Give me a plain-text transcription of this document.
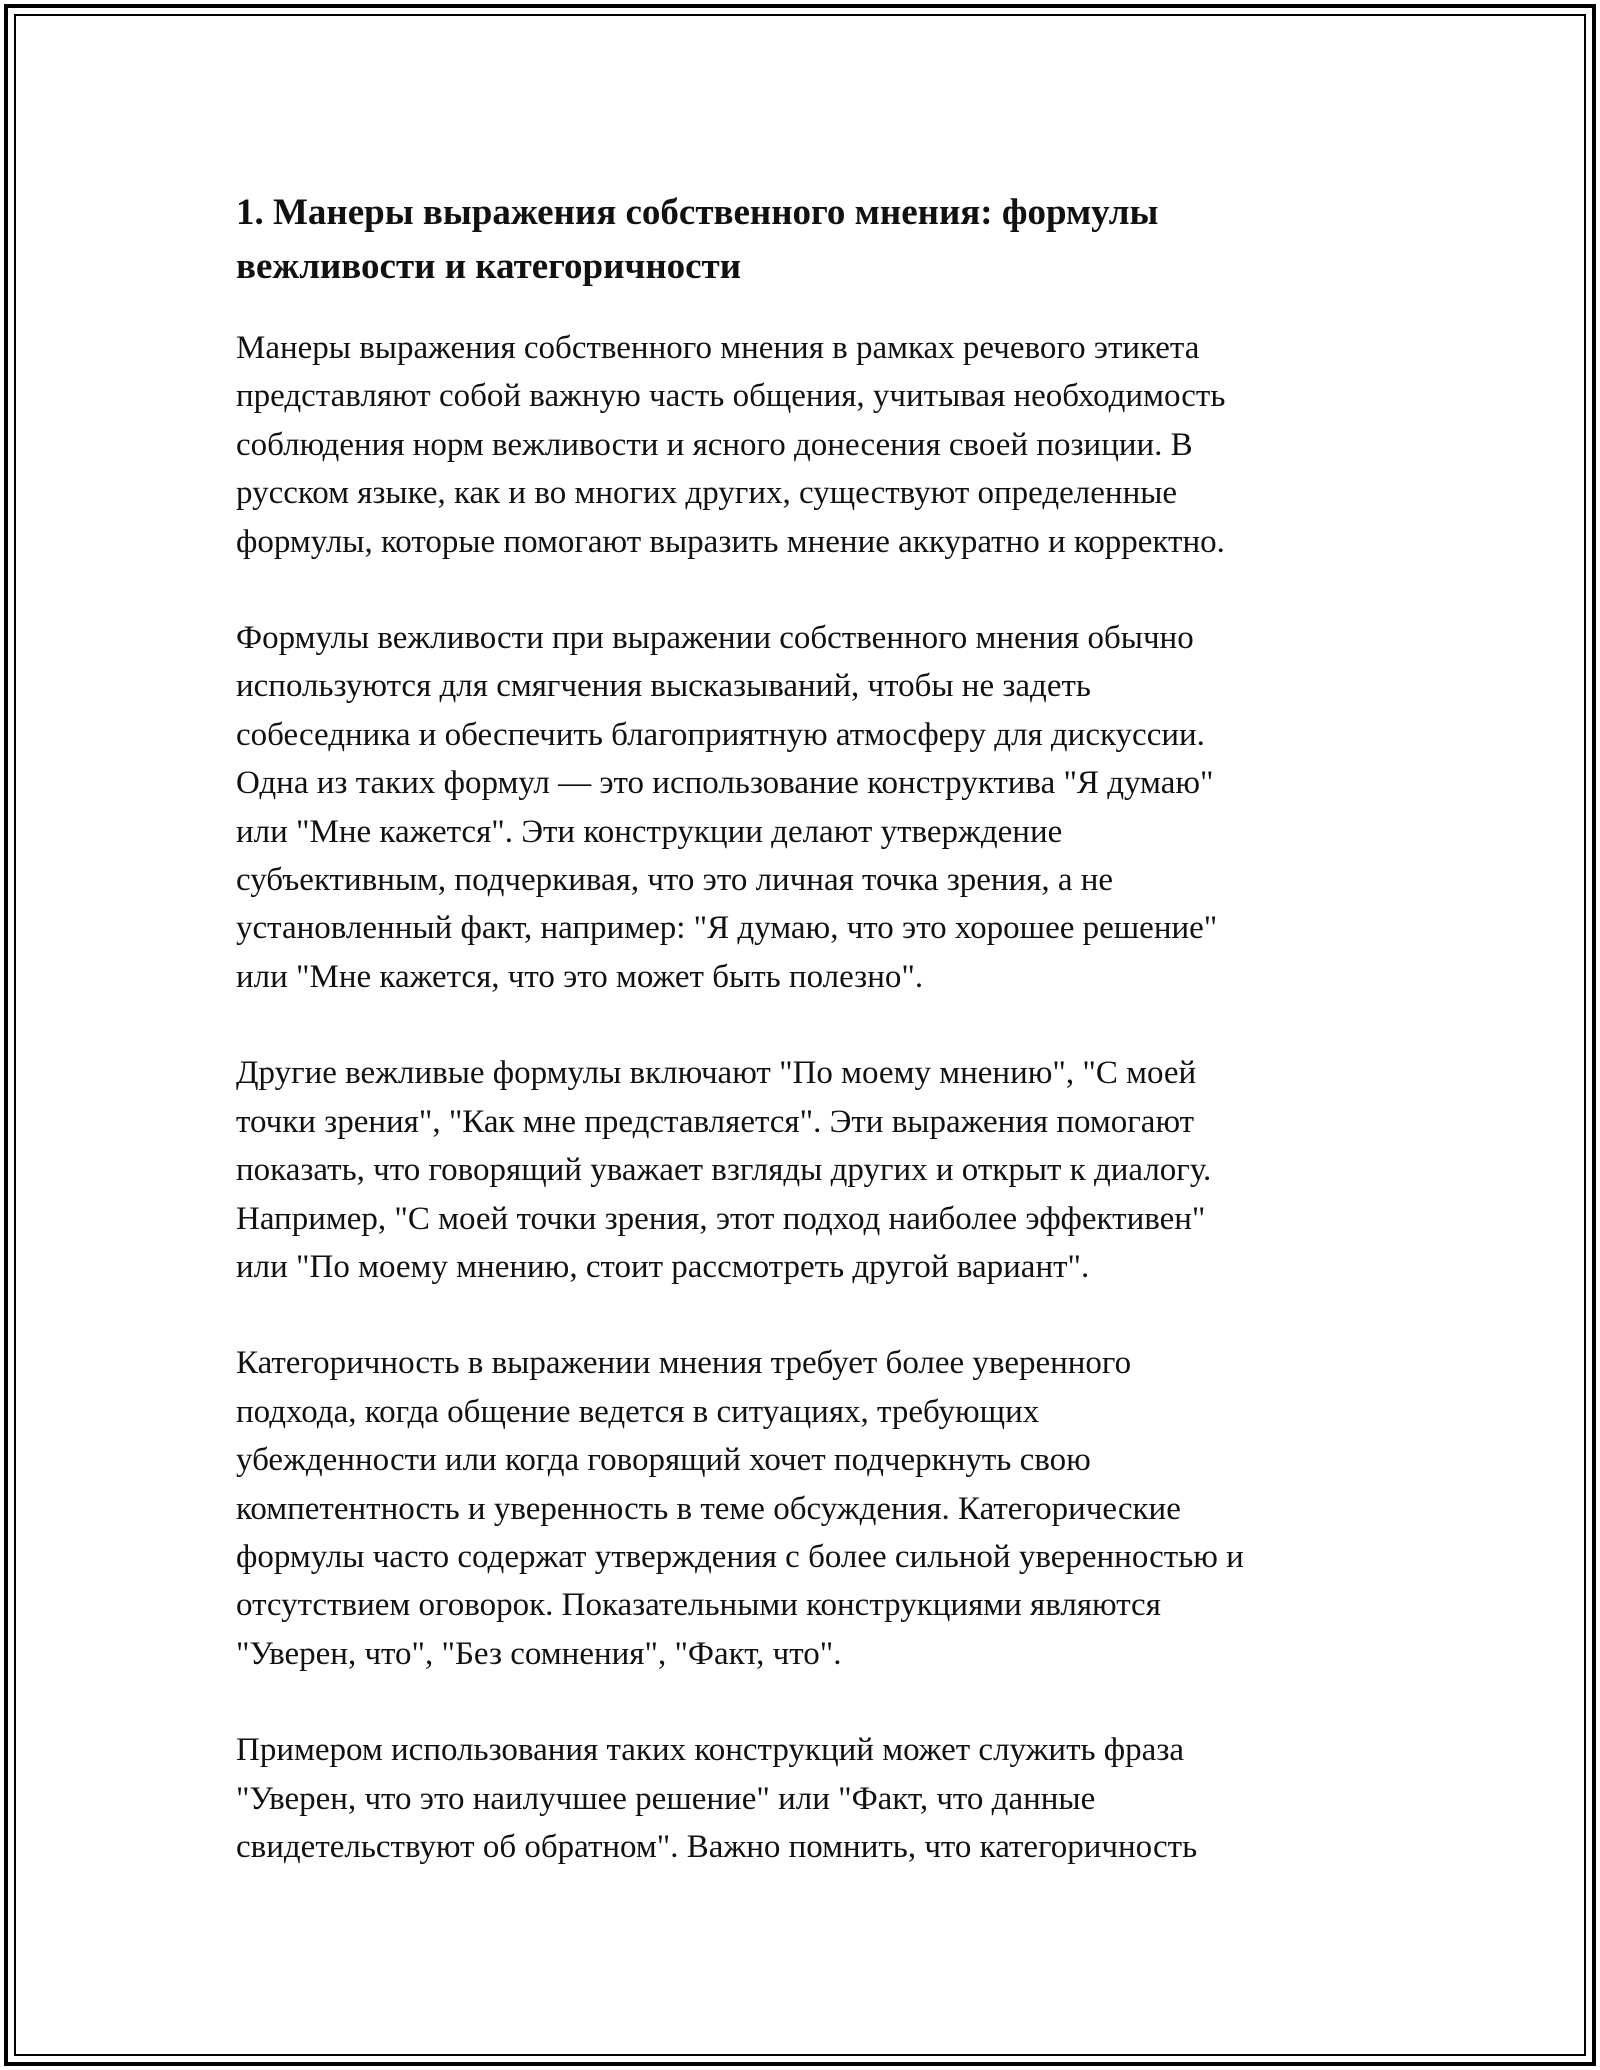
1. Манеры выражения собственного мнения: формулы
вежливости и категоричности

Манеры выражения собственного мнения в рамках речевого этикета
представляют собой важную часть общения, учитывая необходимость
соблюдения норм вежливости и ясного донесения своей позиции. В
русском языке, как и во многих других, существуют определенные
формулы, которые помогают выразить мнение аккуратно и корректно.

Формулы вежливости при выражении собственного мнения обычно
используются для смягчения высказываний, чтобы не задеть
собеседника и обеспечить благоприятную атмосферу для дискуссии.
Одна из таких формул — это использование конструктива "Я думаю"
или "Мне кажется". Эти конструкции делают утверждение
субъективным, подчеркивая, что это личная точка зрения, а не
установленный факт, например: "Я думаю, что это хорошее решение"
или "Мне кажется, что это может быть полезно".

Другие вежливые формулы включают "По моему мнению", "С моей
точки зрения", "Как мне представляется". Эти выражения помогают
показать, что говорящий уважает взгляды других и открыт к диалогу.
Например, "С моей точки зрения, этот подход наиболее эффективен"
или "По моему мнению, стоит рассмотреть другой вариант".

Категоричность в выражении мнения требует более уверенного
подхода, когда общение ведется в ситуациях, требующих
убежденности или когда говорящий хочет подчеркнуть свою
компетентность и уверенность в теме обсуждения. Категорические
формулы часто содержат утверждения с более сильной уверенностью и
отсутствием оговорок. Показательными конструкциями являются
"Уверен, что", "Без сомнения", "Факт, что".

Примером использования таких конструкций может служить фраза
"Уверен, что это наилучшее решение" или "Факт, что данные
свидетельствуют об обратном". Важно помнить, что категоричность
